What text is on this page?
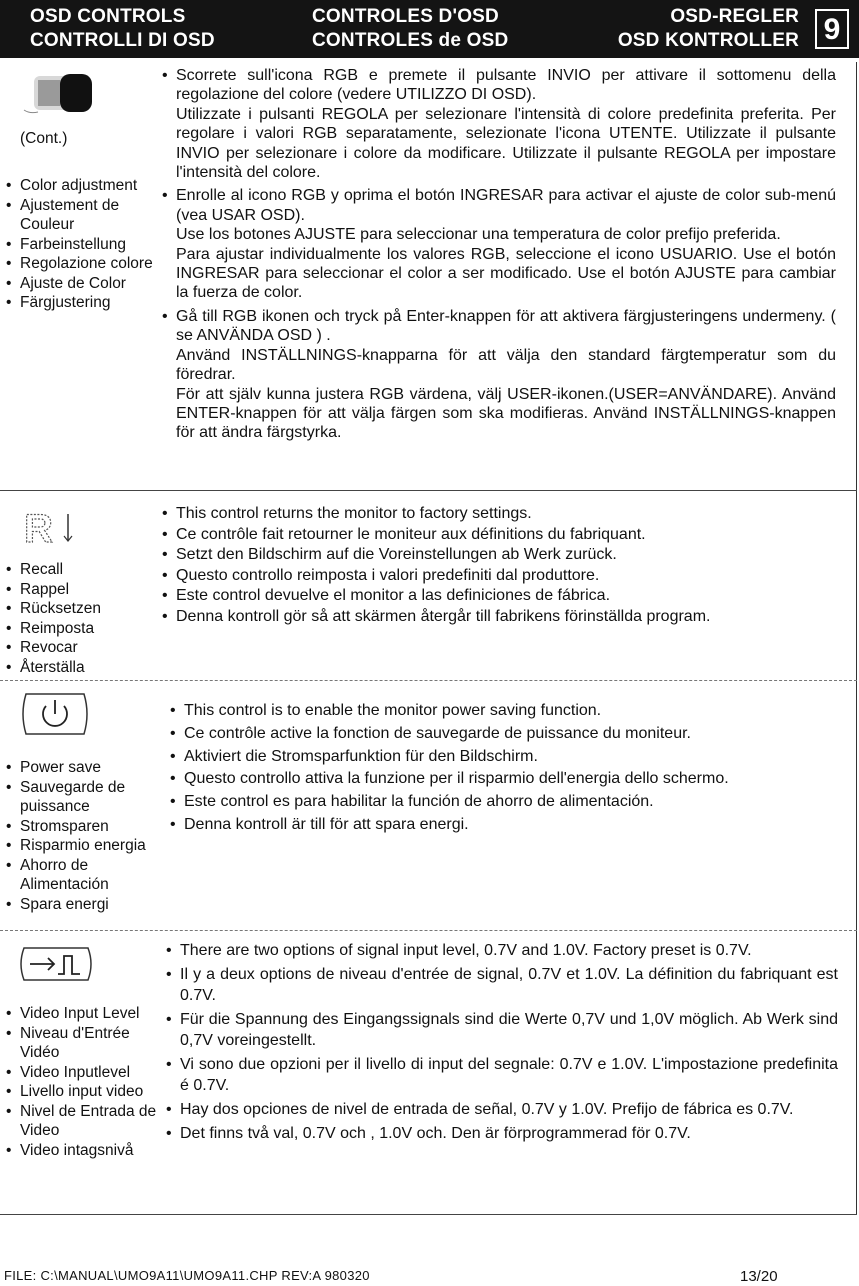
OSD CONTROLS
CONTROLLI DI OSD
CONTROLES D'OSD
CONTROLES de OSD
OSD-REGLER
OSD KONTROLLER 9
(Cont.)
• Color adjustment
• Ajustement de Couleur
• Farbeinstellung
• Regolazione colore
• Ajuste de Color
• Färgjustering
• Scorrete sull'icona RGB e premete il pulsante INVIO per attivare il sottomenu della regolazione del colore (vedere UTILIZZO DI OSD).
Utilizzate i pulsanti REGOLA per selezionare l'intensità di colore predefinita preferita. Per regolare i valori RGB separatamente, selezionate l'icona UTENTE. Utilizzate il pulsante INVIO per selezionare i colore da modificare. Utilizzate il pulsante REGOLA per impostare l'intensità del colore.
• Enrolle al icono RGB y oprima el botón INGRESAR para activar el ajuste de color sub-menú (vea USAR OSD).
Use los botones AJUSTE para seleccionar una temperatura de color prefijo preferida.
Para ajustar individualmente los valores RGB, seleccione el icono USUARIO. Use el botón INGRESAR para seleccionar el color a ser modificado. Use el botón AJUSTE para cambiar la fuerza de color.
• Gå till RGB ikonen och tryck på Enter-knappen för att aktivera färgjusteringens undermeny. ( se ANVÄNDA OSD ) .
Använd INSTÄLLNINGS-knapparna för att välja den standard färgtemperatur som du föredrar.
För att själv kunna justera RGB värdena, välj USER-ikonen.(USER=ANVÄNDARE). Använd ENTER-knappen för att välja färgen som ska modifieras. Använd INSTÄLLNINGS-knappen för att ändra färgstyrka.
R
• Recall
• Rappel
• Rücksetzen
• Reimposta
• Revocar
• Återställa
• This control returns the monitor to factory settings.
• Ce contrôle fait retourner le moniteur aux définitions du fabriquant.
• Setzt den Bildschirm auf die Voreinstellungen ab Werk zurück.
• Questo controllo reimposta i valori predefiniti dal produttore.
• Este control devuelve el monitor a las definiciones de fábrica.
• Denna kontroll gör så att skärmen återgår till fabrikens förinställda program.
• Power save
• Sauvegarde de puissance
• Stromsparen
• Risparmio energia
• Ahorro de Alimentación
• Spara energi
• This control is to enable the monitor power saving function.
• Ce contrôle active la fonction de sauvegarde de puissance du moniteur.
• Aktiviert die Stromsparfunktion für den Bildschirm.
• Questo controllo attiva la funzione per il risparmio dell'energia dello schermo.
• Este control es para habilitar la función de ahorro de alimentación.
• Denna kontroll är till för att spara energi.
• Video Input Level
• Niveau d'Entrée Vidéo
• Video Inputlevel
• Livello input video
• Nivel de Entrada de Video
• Video intagsnivå
• There are two options of signal input level, 0.7V and 1.0V. Factory preset is 0.7V.
• Il y a deux options de niveau d'entrée de signal, 0.7V et 1.0V. La définition du fabriquant est 0.7V.
• Für die Spannung des Eingangssignals sind die Werte 0,7V und 1,0V möglich. Ab Werk sind 0,7V voreingestellt.
• Vi sono due opzioni per il livello di input del segnale: 0.7V e 1.0V. L'impostazione predefinita é 0.7V.
• Hay dos opciones de nivel de entrada de señal, 0.7V y 1.0V. Prefijo de fábrica es 0.7V.
• Det finns två val, 0.7V och , 1.0V och. Den är förprogrammerad för 0.7V.
FILE: C:\MANUAL\UMO9A11\UMO9A11.CHP REV:A 980320	13/20
